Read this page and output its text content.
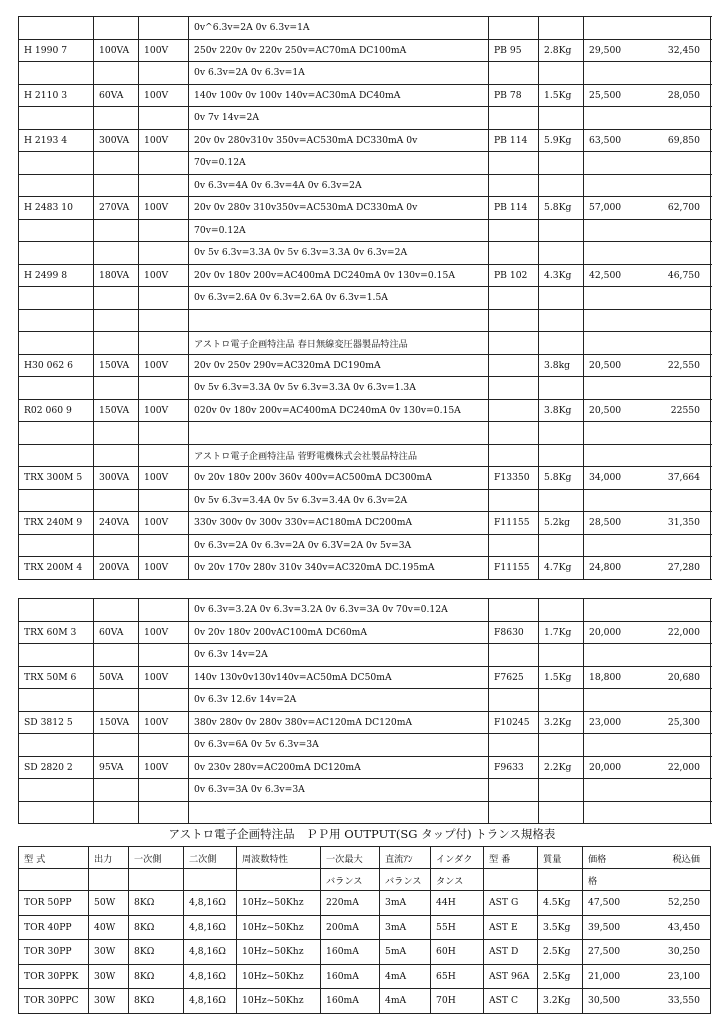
			0v^6.3v=2A 0v 6.3v=1A			

H 1990 7	100VA	100V	250v 220v 0v 220v 250v=AC70mA DC100mA	PB 95	2.8Kg	29,500 32,450

			0v 6.3v=2A 0v 6.3v=1A			

H 2110 3	60VA	100V	140v 100v 0v 100v 140v=AC30mA DC40mA	PB 78	1.5Kg	25,500 28,050

			0v 7v 14v=2A			

H 2193 4	300VA	100V	20v 0v 280v310v 350v=AC530mA DC330mA 0v	PB 114	5.9Kg	63,500 69,850

			70v=0.12A			

			0v 6.3v=4A 0v 6.3v=4A 0v 6.3v=2A			

H 2483 10	270VA	100V	20v 0v 280v 310v350v=AC530mA DC330mA 0v	PB 114	5.8Kg	57,000 62,700

			70v=0.12A			

			0v 5v 6.3v=3.3A 0v 5v 6.3v=3.3A 0v 6.3v=2A			

H 2499 8	180VA	100V	20v 0v 180v 200v=AC400mA DC240mA 0v 130v=0.15A	PB 102	4.3Kg	42,500 46,750

			0v 6.3v=2.6A 0v 6.3v=2.6A 0v 6.3v=1.5A			

			アストロ電子企画特注品 春日無線変圧器製品特注品			

H30 062 6	150VA	100V	20v 0v 250v 290v=AC320mA DC190mA		3.8kg	20,500 22,550

			0v 5v 6.3v=3.3A 0v 5v 6.3v=3.3A 0v 6.3v=1.3A			

R02 060 9	150VA	100V	020v 0v 180v 200v=AC400mA DC240mA 0v 130v=0.15A		3.8Kg	20,500 22550

			アストロ電子企画特注品 菅野電機株式会社製品特注品			

TRX 300M 5	300VA	100V	0v 20v 180v 200v 360v 400v=AC500mA DC300mA	F13350	5.8Kg	34,000 37,664

			0v 5v 6.3v=3.4A 0v 5v 6.3v=3.4A 0v 6.3v=2A			

TRX 240M 9	240VA	100V	330v 300v 0v 300v 330v=AC180mA DC200mA	F11155	5.2kg	28,500 31,350

			0v 6.3v=2A 0v 6.3v=2A 0v 6.3V=2A 0v 5v=3A			

TRX 200M 4	200VA	100V	0v 20v 170v 280v 310v 340v=AC320mA DC.195mA	F11155	4.7Kg	24,800 27,280
			0v 6.3v=3.2A 0v 6.3v=3.2A 0v 6.3v=3A 0v 70v=0.12A			

TRX 60M 3	60VA	100V	0v 20v 180v 200vAC100mA DC60mA	F8630	1.7Kg	20,000 22,000

			0v 6.3v 14v=2A			

TRX 50M 6	50VA	100V	140v 130v0v130v140v=AC50mA DC50mA	F7625	1.5Kg	18,800 20,680

			0v 6.3v 12.6v 14v=2A			

SD 3812 5	150VA	100V	380v 280v 0v 280v 380v=AC120mA DC120mA	F10245	3.2Kg	23,000 25,300

			0v 6.3v=6A 0v 5v 6.3v=3A			

SD 2820 2	95VA	100V	0v 230v 280v=AC200mA DC120mA	F9633	2.2Kg	20,000 22,000

			0v 6.3v=3A 0v 6.3v=3A			

アストロ電子企画特注品　ＰＰ用 OUTPUT(SG タップ付) トランス規格表
型 式	出力	一次側	二次側	周波数特性	一次最大	直流ｱﾝ	インダク	型 番	質量	価格 税込価

					バランス	バランス	タンス			格

TOR 50PP	50W	8KΩ	4,8,16Ω	10Hz~50Khz	220mA	3mA	44H	AST G	4.5Kg	47,500 52,250

TOR 40PP	40W	8KΩ	4,8,16Ω	10Hz~50Khz	200mA	3mA	55H	AST E	3.5Kg	39,500 43,450

TOR 30PP	30W	8KΩ	4,8,16Ω	10Hz~50Khz	160mA	5mA	60H	AST D	2.5Kg	27,500 30,250

TOR 30PPK	30W	8KΩ	4,8,16Ω	10Hz~50Khz	160mA	4mA	65H	AST 96A	2.5Kg	21,000 23,100

TOR 30PPC	30W	8KΩ	4,8,16Ω	10Hz~50Khz	160mA	4mA	70H	AST C	3.2Kg	30,500 33,550
